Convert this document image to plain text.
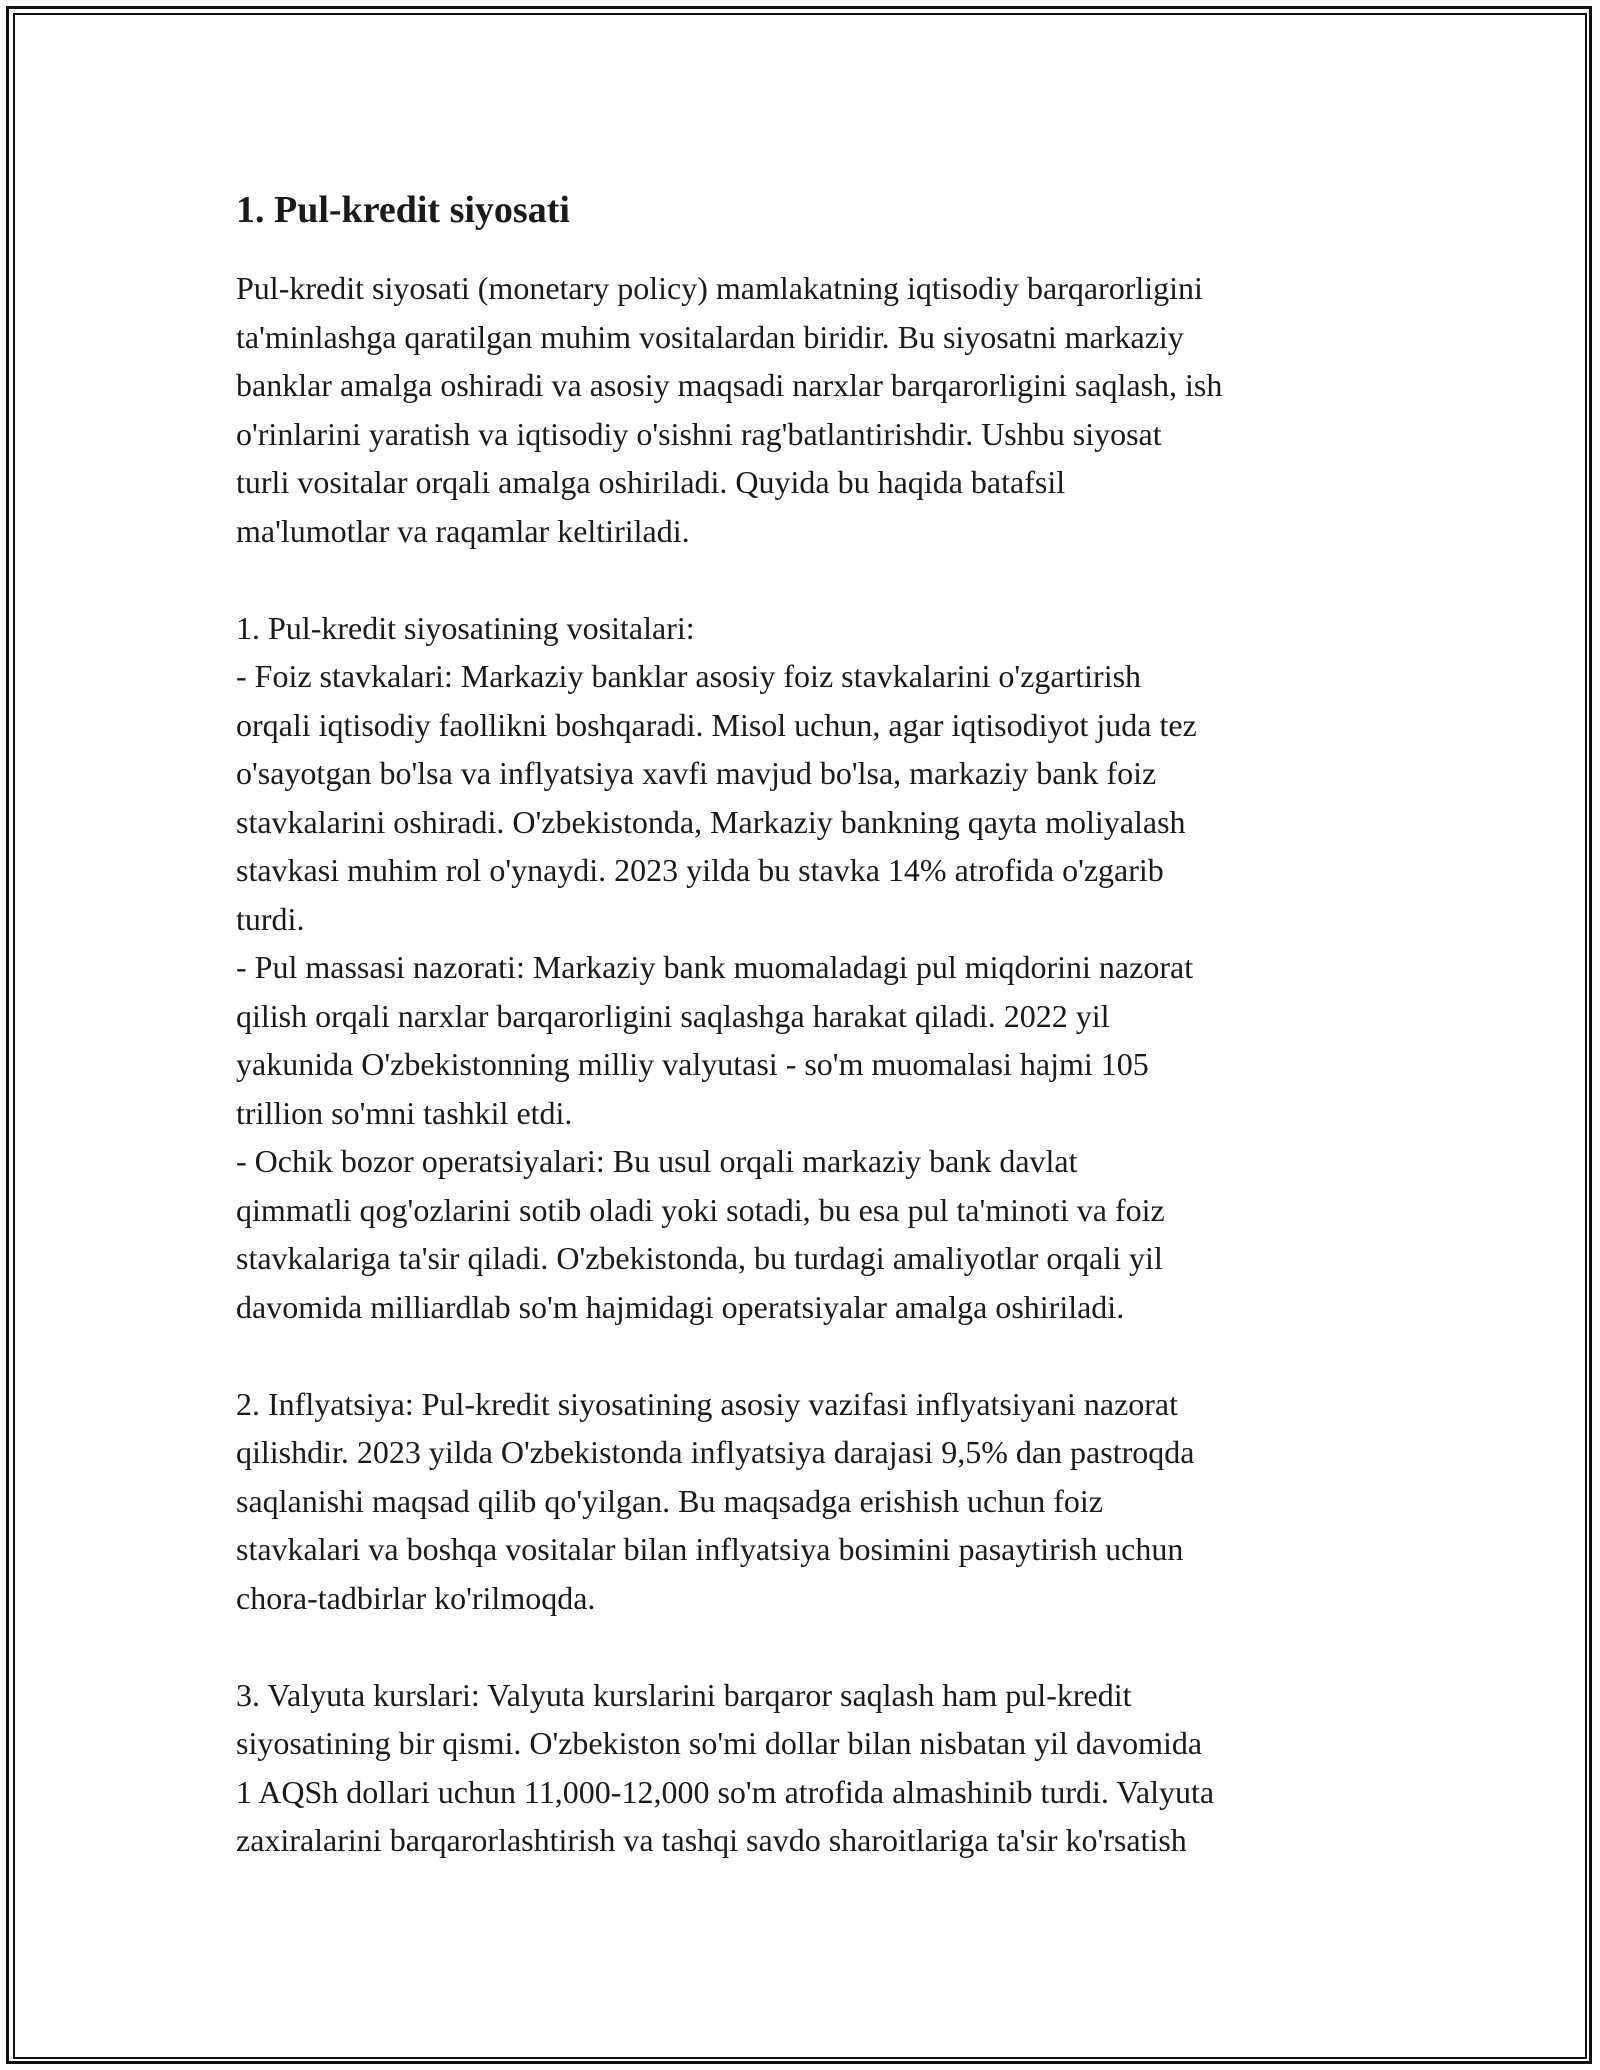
1. Pul-kredit siyosati

Pul-kredit siyosati (monetary policy) mamlakatning iqtisodiy barqarorligini
ta'minlashga qaratilgan muhim vositalardan biridir. Bu siyosatni markaziy
banklar amalga oshiradi va asosiy maqsadi narxlar barqarorligini saqlash, ish
o'rinlarini yaratish va iqtisodiy o'sishni rag'batlantirishdir. Ushbu siyosat
turli vositalar orqali amalga oshiriladi. Quyida bu haqida batafsil
ma'lumotlar va raqamlar keltiriladi.

1. Pul-kredit siyosatining vositalari:

- Foiz stavkalari: Markaziy banklar asosiy foiz stavkalarini o'zgartirish
orqali iqtisodiy faollikni boshqaradi. Misol uchun, agar iqtisodiyot juda tez
o'sayotgan bo'lsa va inflyatsiya xavfi mavjud bo'lsa, markaziy bank foiz
stavkalarini oshiradi. O'zbekistonda, Markaziy bankning qayta moliyalash
stavkasi muhim rol o'ynaydi. 2023 yilda bu stavka 14% atrofida o'zgarib
turdi.

- Pul massasi nazorati: Markaziy bank muomaladagi pul miqdorini nazorat
qilish orqali narxlar barqarorligini saqlashga harakat qiladi. 2022 yil
yakunida O'zbekistonning milliy valyutasi - so'm muomalasi hajmi 105
trillion so'mni tashkil etdi.

- Ochik bozor operatsiyalari: Bu usul orqali markaziy bank davlat
qimmatli qog'ozlarini sotib oladi yoki sotadi, bu esa pul ta'minoti va foiz
stavkalariga ta'sir qiladi. O'zbekistonda, bu turdagi amaliyotlar orqali yil
davomida milliardlab so'm hajmidagi operatsiyalar amalga oshiriladi.

2. Inflyatsiya: Pul-kredit siyosatining asosiy vazifasi inflyatsiyani nazorat
qilishdir. 2023 yilda O'zbekistonda inflyatsiya darajasi 9,5% dan pastroqda
saqlanishi maqsad qilib qo'yilgan. Bu maqsadga erishish uchun foiz
stavkalari va boshqa vositalar bilan inflyatsiya bosimini pasaytirish uchun
chora-tadbirlar ko'rilmoqda.

3. Valyuta kurslari: Valyuta kurslarini barqaror saqlash ham pul-kredit
siyosatining bir qismi. O'zbekiston so'mi dollar bilan nisbatan yil davomida
1 AQSh dollari uchun 11,000-12,000 so'm atrofida almashinib turdi. Valyuta
zaxiralarini barqarorlashtirish va tashqi savdo sharoitlariga ta'sir ko'rsatish
